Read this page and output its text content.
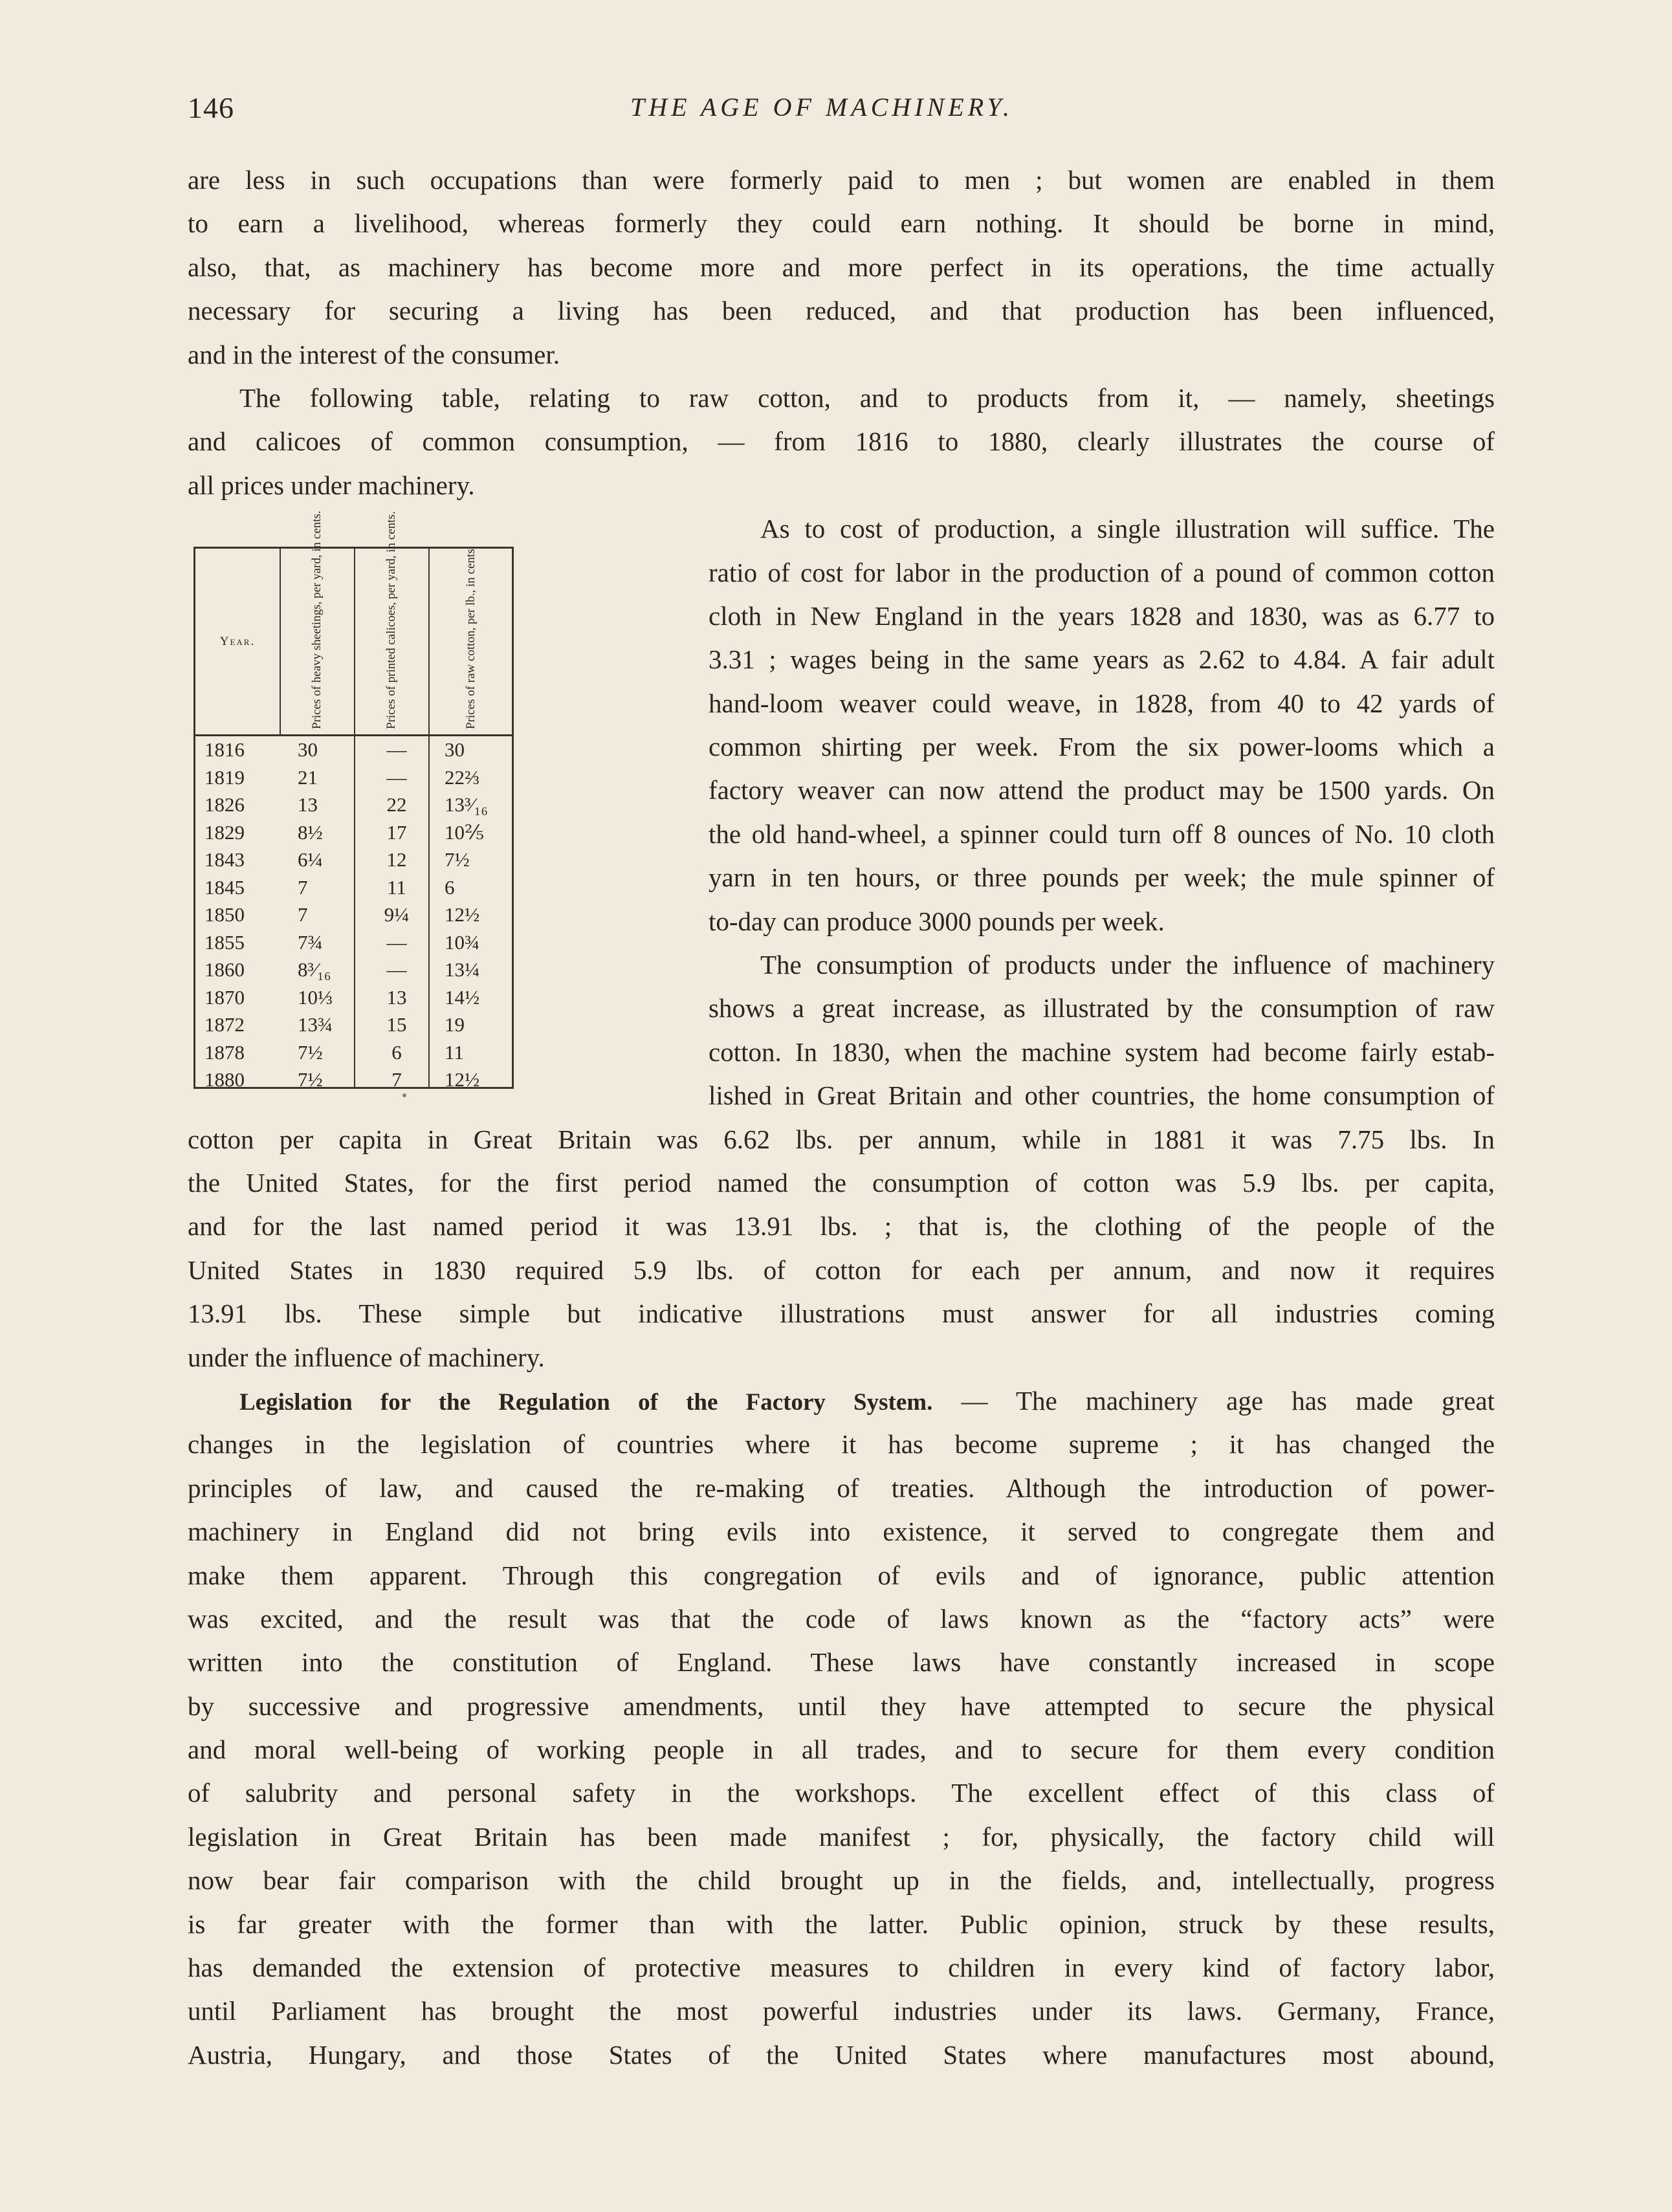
146	THE AGE OF MACHINERY.
are less in such occupations than were formerly paid to men ; but women are enabled in them
to earn a livelihood, whereas formerly they could earn nothing. It should be borne in mind,
also, that, as machinery has become more and more perfect in its operations, the time actually
necessary for securing a living has been reduced, and that production has been influenced,
and in the interest of the consumer.
The following table, relating to raw cotton, and to products from it, — namely, sheetings
and calicoes of common consumption, — from 1816 to 1880, clearly illustrates the course of
all prices under machinery.
As to cost of production, a single illustration will suffice. The
ratio of cost for labor in the production of a pound of common cotton
cloth in New England in the years 1828 and 1830, was as 6.77 to
3.31 ; wages being in the same years as 2.62 to 4.84. A fair adult
hand-loom weaver could weave, in 1828, from 40 to 42 yards of
common shirting per week. From the six power-looms which a
factory weaver can now attend the product may be 1500 yards. On
the old hand-wheel, a spinner could turn off 8 ounces of No. 10 cloth
yarn in ten hours, or three pounds per week; the mule spinner of
to-day can produce 3000 pounds per week.
The consumption of products under the influence of machinery
shows a great increase, as illustrated by the consumption of raw
cotton. In 1830, when the machine system had become fairly estab-
lished in Great Britain and other countries, the home consumption of
cotton per capita in Great Britain was 6.62 lbs. per annum, while in 1881 it was 7.75 lbs. In
the United States, for the first period named the consumption of cotton was 5.9 lbs. per capita,
and for the last named period it was 13.91 lbs. ; that is, the clothing of the people of the
United States in 1830 required 5.9 lbs. of cotton for each per annum, and now it requires
13.91 lbs. These simple but indicative illustrations must answer for all industries coming
under the influence of machinery.
Legislation for the Regulation of the Factory System. — The machinery age has made great
changes in the legislation of countries where it has become supreme ; it has changed the
principles of law, and caused the re-making of treaties. Although the introduction of power-
machinery in England did not bring evils into existence, it served to congregate them and
make them apparent. Through this congregation of evils and of ignorance, public attention
was excited, and the result was that the code of laws known as the “factory acts” were
written into the constitution of England. These laws have constantly increased in scope
by successive and progressive amendments, until they have attempted to secure the physical
and moral well-being of working people in all trades, and to secure for them every condition
of salubrity and personal safety in the workshops. The excellent effect of this class of
legislation in Great Britain has been made manifest ; for, physically, the factory child will
now bear fair comparison with the child brought up in the fields, and, intellectually, progress
is far greater with the former than with the latter. Public opinion, struck by these results,
has demanded the extension of protective measures to children in every kind of factory labor,
until Parliament has brought the most powerful industries under its laws. Germany, France,
Austria, Hungary, and those States of the United States where manufactures most abound,
Year.	Prices of heavy sheetings, per yard, in cents.	Prices of printed calicoes, per yard, in cents.	Prices of raw cotton, per lb., in cents.
1816	30	—	30
1819	21	—	22⅔
1826	13	22	13³⁄₁₆
1829	8½	17	10⅖
1843	6¼	12	7½
1845	7	11	6
1850	7	9¼	12½
1855	7¾	—	10¾
1860	8³⁄₁₆	—	13¼
1870	10⅓	13	14½
1872	13¾	15	19
1878	7½	6	11
1880	7½	7	12½
